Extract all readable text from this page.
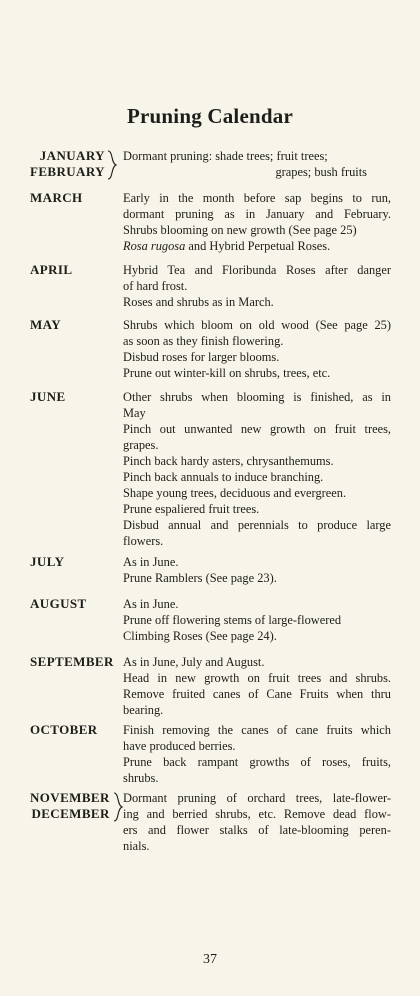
Pruning Calendar
JANUARY
FEBRUARY
Dormant pruning: shade trees; fruit trees;
grapes; bush fruits
MARCH	Early in the month before sap begins to run,
dormant pruning as in January and February.
Shrubs blooming on new growth (See page 25)
Rosa rugosa and Hybrid Perpetual Roses.
APRIL	Hybrid Tea and Floribunda Roses after danger
of hard frost.
Roses and shrubs as in March.
MAY	Shrubs which bloom on old wood (See page 25)
as soon as they finish flowering.
Disbud roses for larger blooms.
Prune out winter-kill on shrubs, trees, etc.
JUNE	Other shrubs when blooming is finished, as in
May
Pinch out unwanted new growth on fruit trees,
grapes.
Pinch back hardy asters, chrysanthemums.
Pinch back annuals to induce branching.
Shape young trees, deciduous and evergreen.
Prune espaliered fruit trees.
Disbud annual and perennials to produce large
flowers.
JULY	As in June.
Prune Ramblers (See page 23).
AUGUST	As in June.
Prune off flowering stems of large-flowered
Climbing Roses (See page 24).
SEPTEMBER As in June, July and August.
Head in new growth on fruit trees and shrubs.
Remove fruited canes of Cane Fruits when thru
bearing.
OCTOBER Finish removing the canes of cane fruits which
have produced berries.
Prune back rampant growths of roses, fruits,
shrubs.
NOVEMBER
DECEMBER
Dormant pruning of orchard trees, late-flower-
ing and berried shrubs, etc. Remove dead flow-
ers and flower stalks of late-blooming peren-
nials.
37
